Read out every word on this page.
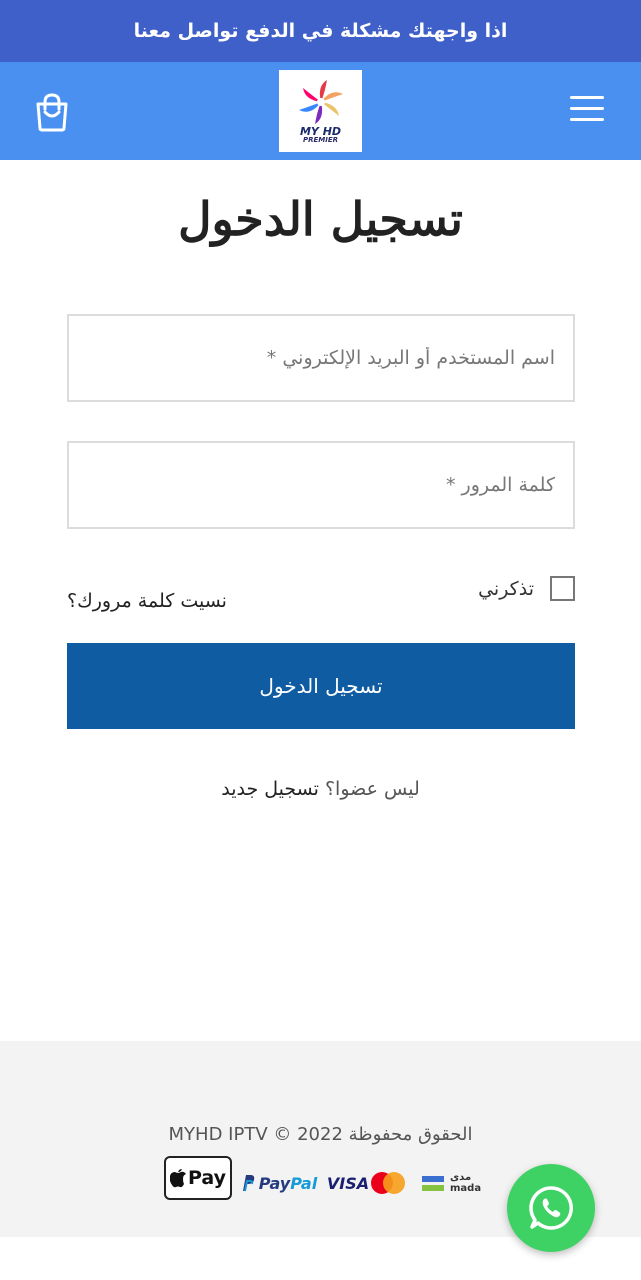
اذا واجهتك مشكلة في الدفع تواصل معنا
MY HD
PREMIER
تسجيل الدخول
اسم المستخدم أو البريد الإلكتروني *
تذكرني
نسيت كلمة مرورك؟
تسجيل الدخول
ليس عضوا؟ تسجيل جديد
الحقوق محفوظة 2022 © MYHD IPTV
Pay Pay Pal VISA	مدى
mada
